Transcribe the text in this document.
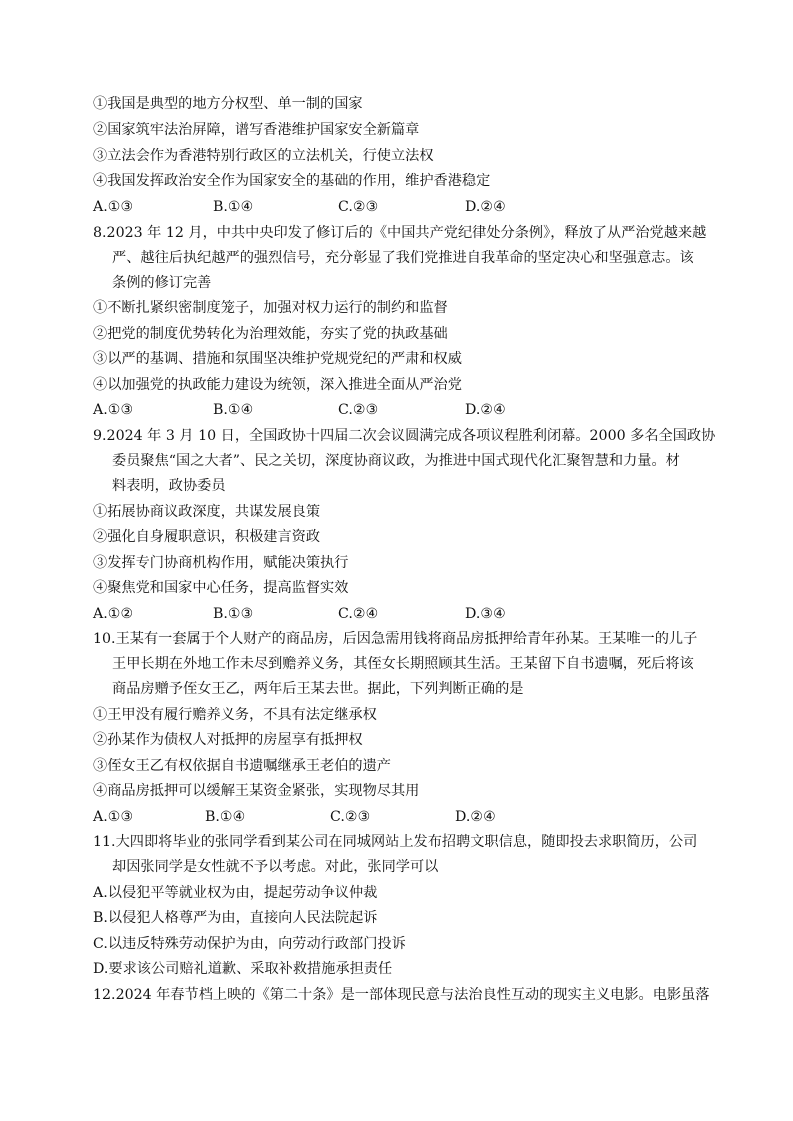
①我国是典型的地方分权型、单一制的国家
②国家筑牢法治屏障，谱写香港维护国家安全新篇章
③立法会作为香港特别行政区的立法机关，行使立法权
④我国发挥政治安全作为国家安全的基础的作用，维护香港稳定
A.①③	B.①④	C.②③	D.②④
8.2023 年 12 月，中共中央印发了修订后的《中国共产党纪律处分条例》，释放了从严治党越来越
严、越往后执纪越严的强烈信号，充分彰显了我们党推进自我革命的坚定决心和坚强意志。该
条例的修订完善
①不断扎紧织密制度笼子，加强对权力运行的制约和监督
②把党的制度优势转化为治理效能，夯实了党的执政基础
③以严的基调、措施和氛围坚决维护党规党纪的严肃和权威
④以加强党的执政能力建设为统领，深入推进全面从严治党
A.①③	B.①④	C.②③	D.②④
9.2024 年 3 月 10 日，全国政协十四届二次会议圆满完成各项议程胜利闭幕。2000 多名全国政协
委员聚焦“国之大者”、民之关切，深度协商议政，为推进中国式现代化汇聚智慧和力量。材
料表明，政协委员
①拓展协商议政深度，共谋发展良策
②强化自身履职意识，积极建言资政
③发挥专门协商机构作用，赋能决策执行
④聚焦党和国家中心任务，提高监督实效
A.①②	B.①③	C.②④	D.③④
10.王某有一套属于个人财产的商品房，后因急需用钱将商品房抵押给青年孙某。王某唯一的儿子
王甲长期在外地工作未尽到赡养义务，其侄女长期照顾其生活。王某留下自书遗嘱，死后将该
商品房赠予侄女王乙，两年后王某去世。据此，下列判断正确的是
①王甲没有履行赡养义务，不具有法定继承权
②孙某作为债权人对抵押的房屋享有抵押权
③侄女王乙有权依据自书遗嘱继承王老伯的遗产
④商品房抵押可以缓解王某资金紧张，实现物尽其用
A.①③	B.①④	C.②③	D.②④
11.大四即将毕业的张同学看到某公司在同城网站上发布招聘文职信息，随即投去求职简历，公司
却因张同学是女性就不予以考虑。对此，张同学可以
A.以侵犯平等就业权为由，提起劳动争议仲裁
B.以侵犯人格尊严为由，直接向人民法院起诉
C.以违反特殊劳动保护为由，向劳动行政部门投诉
D.要求该公司赔礼道歉、采取补救措施承担责任
12.2024 年春节档上映的《第二十条》是一部体现民意与法治良性互动的现实主义电影。电影虽落
